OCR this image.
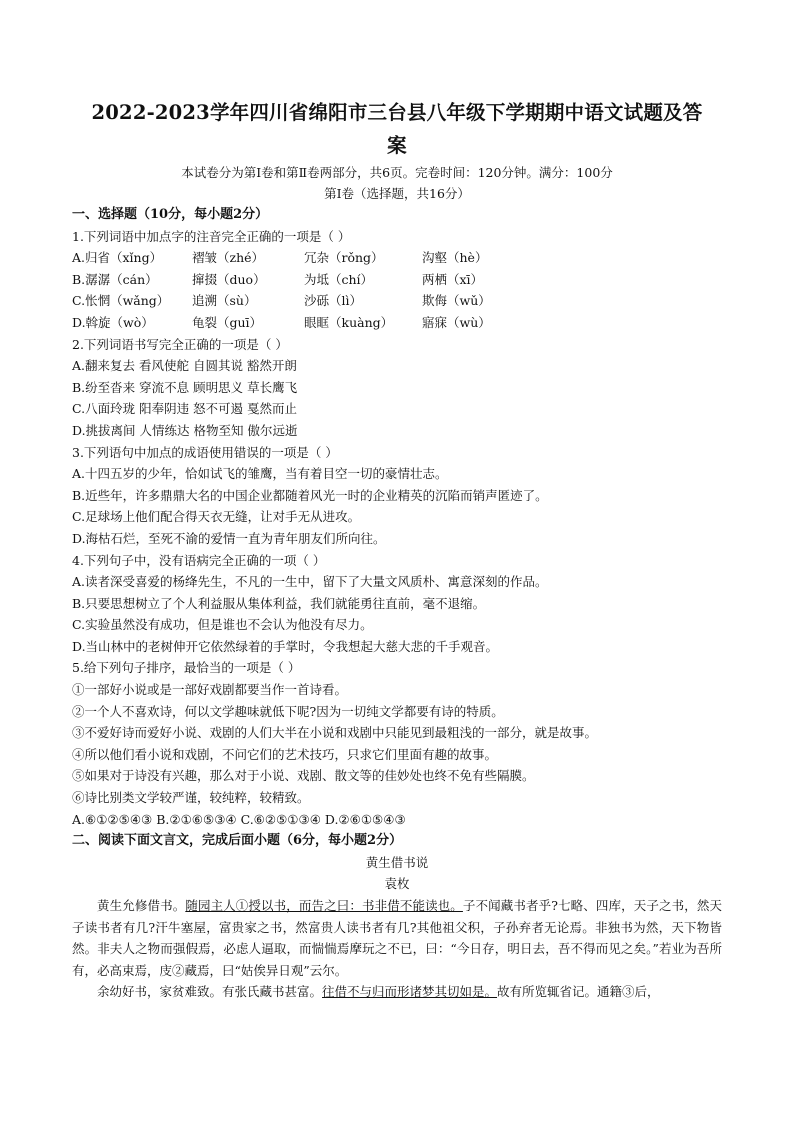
2022-2023学年四川省绵阳市三台县八年级下学期期中语文试题及答
案

本试卷分为第Ⅰ卷和第Ⅱ卷两部分，共6页。完卷时间：120分钟。满分：100分

第Ⅰ卷（选择题，共16分）

一、选择题（10分，每小题2分）

1.下列词语中加点字的注音完全正确的一项是（ ）

A.归省（xǐng）	褶皱（zhé）	冗杂（rǒng）	沟壑（hè）
B.潺潺（cán）	撺掇（duo）	为坻（chí）	两栖（xī）
C.怅惘（wǎng）	追溯（sù）	沙砾（lì）	欺侮（wǔ）
D.斡旋（wò）	龟裂（guī）	眼眶（kuàng）	寤寐（wù）

2.下列词语书写完全正确的一项是（ ）

A.翻来复去 看风使舵 自圆其说 豁然开朗

B.纷至沓来 穿流不息 顾明思义 草长鹰飞

C.八面玲珑 阳奉阴违 怒不可遏 戛然而止

D.挑拔离间 人情练达 格物至知 傲尔远逝

3.下列语句中加点的成语使用错误的一项是（ ）

A.十四五岁的少年，恰如试飞的雏鹰，当有着目空一切的豪情壮志。

B.近些年，许多鼎鼎大名的中国企业都随着风光一时的企业精英的沉陷而销声匿迹了。

C.足球场上他们配合得天衣无缝，让对手无从进攻。

D.海枯石烂，至死不渝的爱情一直为青年朋友们所向往。

4.下列句子中，没有语病完全正确的一项（ ）

A.读者深受喜爱的杨绛先生，不凡的一生中，留下了大量文风质朴、寓意深刻的作品。

B.只要思想树立了个人利益服从集体利益，我们就能勇往直前，毫不退缩。

C.实验虽然没有成功，但是谁也不会认为他没有尽力。

D.当山林中的老树伸开它依然绿着的手掌时，令我想起大慈大悲的千手观音。

5.给下列句子排序，最恰当的一项是（ ）

①一部好小说或是一部好戏剧都要当作一首诗看。

②一个人不喜欢诗，何以文学趣味就低下呢?因为一切纯文学都要有诗的特质。

③不爱好诗而爱好小说、戏剧的人们大半在小说和戏剧中只能见到最粗浅的一部分，就是故事。

④所以他们看小说和戏剧，不问它们的艺术技巧，只求它们里面有趣的故事。

⑤如果对于诗没有兴趣，那么对于小说、戏剧、散文等的佳妙处也终不免有些隔膜。

⑥诗比别类文学较严谨，较纯粹，较精致。

A.⑥①②⑤④③ B.②①⑥⑤③④ C.⑥②⑤①③④ D.②⑥①⑤④③

二、阅读下面文言文，完成后面小题（6分，每小题2分）

黄生借书说

袁枚

黄生允修借书。随园主人①授以书，而告之曰：书非借不能读也。子不闻藏书者乎?七略、四库，天子之书，然天子读书者有几?汗牛塞屋，富贵家之书，然富贵人读书者有几?其他祖父积，子孙弃者无论焉。非独书为然，天下物皆然。非夫人之物而强假焉，必虑人逼取，而惴惴焉摩玩之不已，曰：“今日存，明日去，吾不得而见之矣。”若业为吾所有，必高束焉，庋②藏焉，曰“姑俟异日观”云尔。

余幼好书，家贫难致。有张氏藏书甚富。往借不与归而形诸梦其切如是。故有所览辄省记。通籍③后，
